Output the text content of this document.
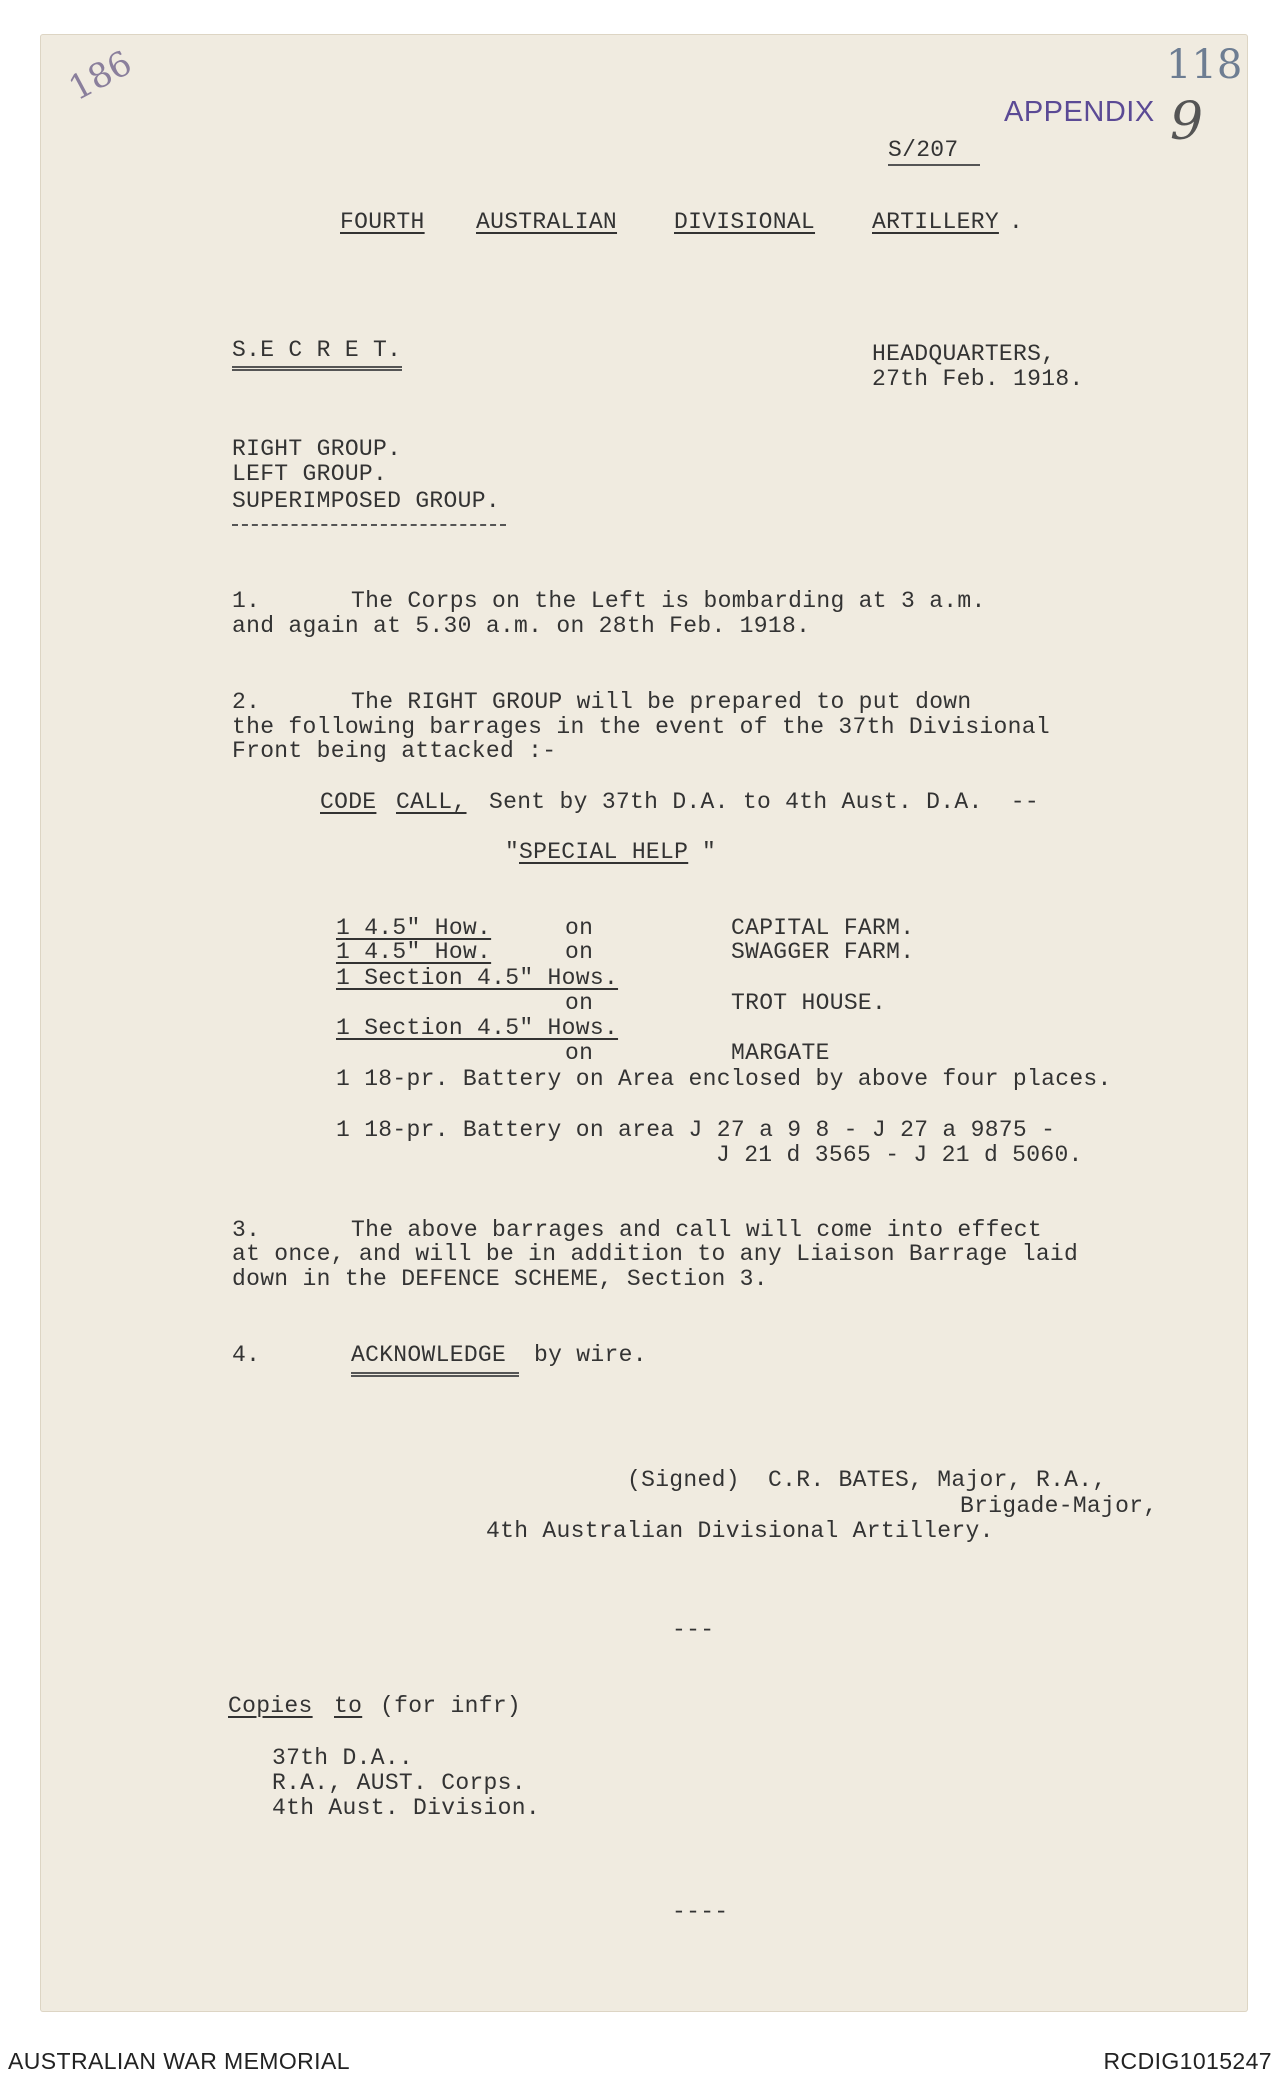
186	118
APPENDIX 9
S/207
FOURTH AUSTRALIAN DIVISIONAL ARTILLERY .
S.E C R E T.	HEADQUARTERS,
27th Feb. 1918.
RIGHT GROUP.
LEFT GROUP.
SUPERIMPOSED GROUP.
1.	The Corps on the Left is bombarding at 3 a.m.
and again at 5.30 a.m. on 28th Feb. 1918.
2.	The RIGHT GROUP will be prepared to put down
the following barrages in the event of the 37th Divisional
Front being attacked :-
CODE CALL, Sent by 37th D.A. to 4th Aust. D.A.  --
" SPECIAL HELP "
1 4.5" How.	on	CAPITAL FARM.
1 4.5" How.	on	SWAGGER FARM.
1 Section 4.5" Hows.
on	TROT HOUSE.
1 Section 4.5" Hows.
on	MARGATE
1 18-pr. Battery on Area enclosed by above four places.
1 18-pr. Battery on area J 27 a 9 8 - J 27 a 9875 -
J 21 d 3565 - J 21 d 5060.
3.	The above barrages and call will come into effect
at once, and will be in addition to any Liaison Barrage laid
down in the DEFENCE SCHEME, Section 3.
4.	ACKNOWLEDGE by wire.
(Signed)  C.R. BATES, Major, R.A.,
Brigade-Major,
4th Australian Divisional Artillery.
---
Copies to (for infr)
37th D.A..
R.A., AUST. Corps.
4th Aust. Division.
----
AUSTRALIAN WAR MEMORIAL	RCDIG1015247
